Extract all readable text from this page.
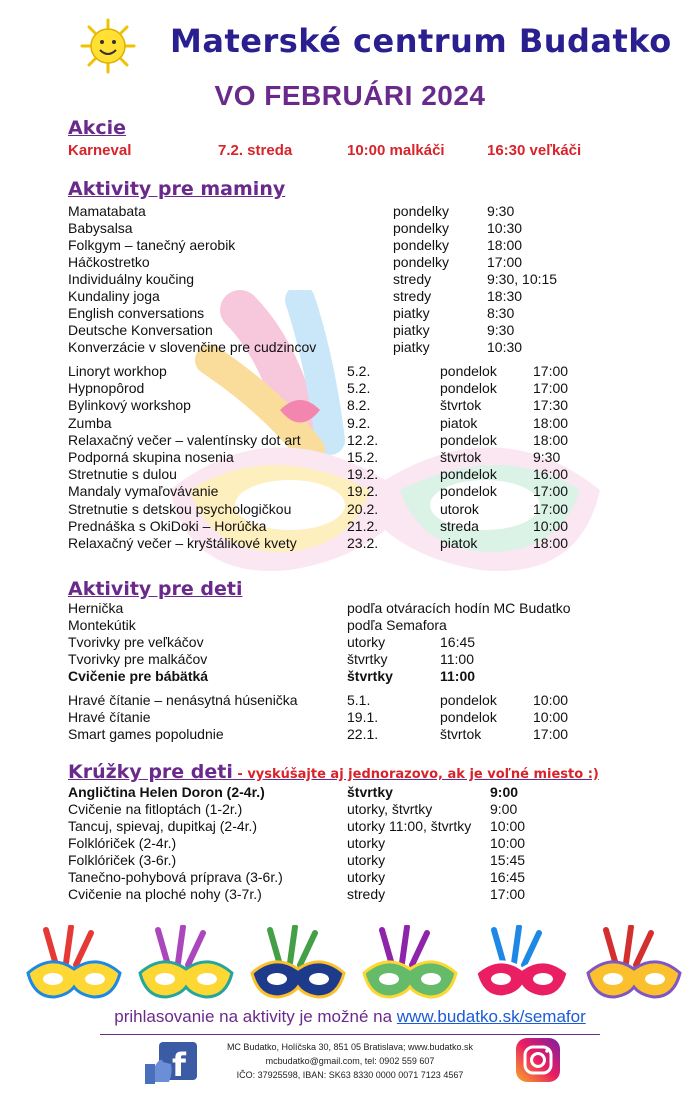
Materské centrum Budatko
VO FEBRUÁRI 2024
Akcie
Karneval	7.2. streda	10:00 malkáči	16:30 veľkáči
Aktivity pre maminy
Mamatabata	pondelky	9:30
Babysalsa	pondelky	10:30
Folkgym – tanečný aerobik	pondelky	18:00
Háčkostretko	pondelky	17:00
Individuálny koučing	stredy	9:30, 10:15
Kundaliny joga	stredy	18:30
English conversations	piatky	8:30
Deutsche Konversation	piatky	9:30
Konverzácie v slovenčine pre cudzincov	piatky	10:30
Linoryt workhop	5.2.	pondelok	17:00
Hypnopôrod	5.2.	pondelok	17:00
Bylinkový workshop	8.2.	štvrtok	17:30
Zumba	9.2.	piatok	18:00
Relaxačný večer – valentínsky dot art	12.2.	pondelok	18:00
Podporná skupina nosenia	15.2.	štvrtok	9:30
Stretnutie s dulou	19.2.	pondelok	16:00
Mandaly vymaľovávanie	19.2.	pondelok	17:00
Stretnutie s detskou psychologičkou	20.2.	utorok	17:00
Prednáška s OkiDoki – Horúčka	21.2.	streda	10:00
Relaxačný večer – kryštálikové kvety	23.2.	piatok	18:00
Aktivity pre deti
Hernička	podľa otváracích hodín MC Budatko
Montekútik	podľa Semafora
Tvorivky pre veľkáčov	utorky	16:45
Tvorivky pre malkáčov	štvrtky	11:00
Cvičenie pre bábätká	štvrtky	11:00
Hravé čítanie – nenásytná húsenička	5.1.	pondelok	10:00
Hravé čítanie	19.1.	pondelok	10:00
Smart games popoludnie	22.1.	štvrtok	17:00
Krúžky pre deti - vyskúšajte aj jednorazovo, ak je voľné miesto :)
Angličtina Helen Doron (2-4r.)	štvrtky	9:00
Cvičenie na fitloptách (1-2r.)	utorky, štvrtky	9:00
Tancuj, spievaj, dupitkaj (2-4r.)	utorky 11:00, štvrtky 10:00
Folklóriček (2-4r.)	utorky	10:00
Folklóriček (3-6r.)	utorky	15:45
Tanečno-pohybová príprava (3-6r.)	utorky	16:45
Cvičenie na ploché nohy (3-7r.)	stredy	17:00
prihlasovanie na aktivity je možné na www.budatko.sk/semafor
f	MC Budatko, Holíčska 30, 851 05 Bratislava; www.budatko.sk
mcbudatko@gmail.com, tel: 0902 559 607
IČO: 37925598, IBAN: SK63 8330 0000 0071 7123 4567
